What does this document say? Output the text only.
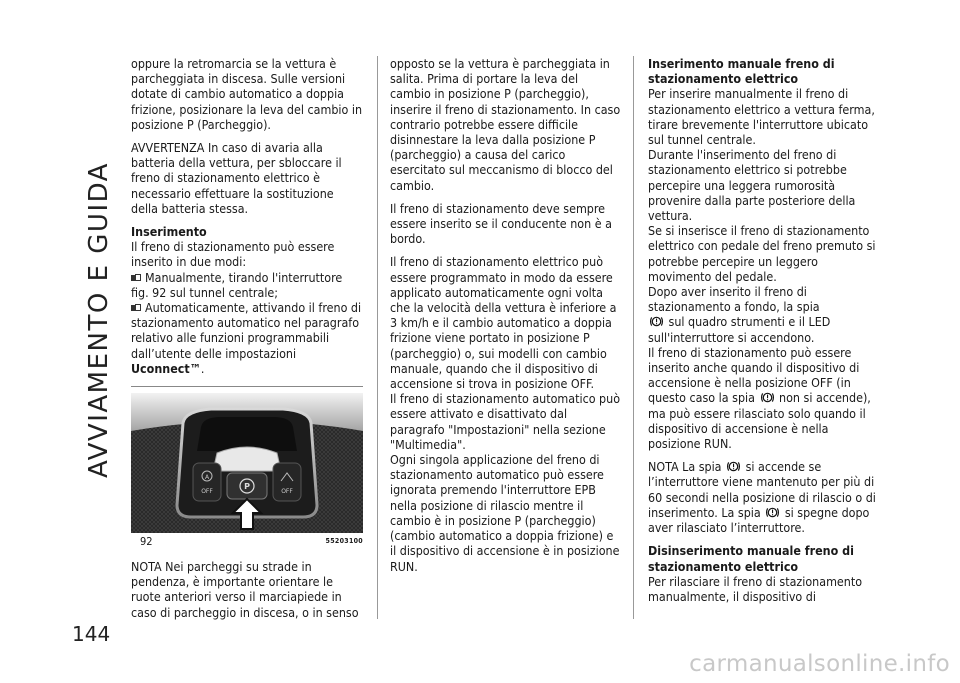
AVVIAMENTO E GUIDA

oppure la retromarcia se la vettura è parcheggiata in discesa. Sulle versioni dotate di cambio automatico a doppia frizione, posizionare la leva del cambio in posizione P (Parcheggio).

AVVERTENZA In caso di avaria alla batteria della vettura, per sbloccare il freno di stazionamento elettrico è necessario effettuare la sostituzione della batteria stessa.

Inserimento
Il freno di stazionamento può essere inserito in due modi:
Manualmente, tirando l'interruttore fig. 92 sul tunnel centrale;
Automaticamente, attivando il freno di stazionamento automatico nel paragrafo relativo alle funzioni programmabili dall’utente delle impostazioni Uconnect™.
A
OFF	OFF
P
92	55203100

NOTA Nei parcheggi su strade in pendenza, è importante orientare le ruote anteriori verso il marciapiede in caso di parcheggio in discesa, o in senso

opposto se la vettura è parcheggiata in salita. Prima di portare la leva del cambio in posizione P (parcheggio), inserire il freno di stazionamento. In caso contrario potrebbe essere difficile disinnestare la leva dalla posizione P (parcheggio) a causa del carico esercitato sul meccanismo di blocco del cambio.

Il freno di stazionamento deve sempre essere inserito se il conducente non è a bordo.

Il freno di stazionamento elettrico può essere programmato in modo da essere applicato automaticamente ogni volta che la velocità della vettura è inferiore a 3 km/h e il cambio automatico a doppia frizione viene portato in posizione P (parcheggio) o, sui modelli con cambio manuale, quando che il dispositivo di accensione si trova in posizione OFF.

Il freno di stazionamento automatico può essere attivato e disattivato dal paragrafo "Impostazioni" nella sezione "Multimedia".

Ogni singola applicazione del freno di stazionamento automatico può essere ignorata premendo l'interruttore EPB nella posizione di rilascio mentre il cambio è in posizione P (parcheggio) (cambio automatico a doppia frizione) e il dispositivo di accensione è in posizione RUN.

Inserimento manuale freno di stazionamento elettrico
Per inserire manualmente il freno di stazionamento elettrico a vettura ferma, tirare brevemente l'interruttore ubicato sul tunnel centrale.
Durante l'inserimento del freno di stazionamento elettrico si potrebbe percepire una leggera rumorosità provenire dalla parte posteriore della vettura.
Se si inserisce il freno di stazionamento elettrico con pedale del freno premuto si potrebbe percepire un leggero movimento del pedale.
Dopo aver inserito il freno di stazionamento a fondo, la spia
sul quadro strumenti e il LED sull'interruttore si accendono.

Il freno di stazionamento può essere inserito anche quando il dispositivo di accensione è nella posizione OFF (in questo caso la spia non si accende), ma può essere rilasciato solo quando il dispositivo di accensione è nella posizione RUN.

NOTA La spia si accende se l’interruttore viene mantenuto per più di 60 secondi nella posizione di rilascio o di inserimento. La spia si spegne dopo aver rilasciato l’interruttore.

Disinserimento manuale freno di stazionamento elettrico
Per rilasciare il freno di stazionamento manualmente, il dispositivo di
144
carmanualsonline.info
